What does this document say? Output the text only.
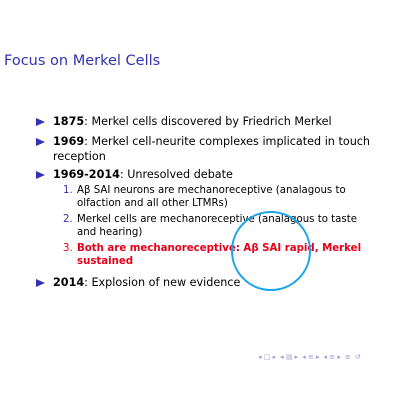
Focus on Merkel Cells
1875: Merkel cells discovered by Friedrich Merkel
1969: Merkel cell-neurite complexes implicated in touch reception
1969-2014: Unresolved debate
1. Aβ SAI neurons are mechanoreceptive (analagous to olfaction and all other LTMRs)
2. Merkel cells are mechanoreceptive (analagous to taste and hearing)
3. Both are mechanoreceptive: Aβ SAI rapid, Merkel sustained
2014: Explosion of new evidence
◂ □ ▸ ◂ ▤ ▸ ◂ ≡ ▸ ◂ ≡ ▸ ≡ ↺
